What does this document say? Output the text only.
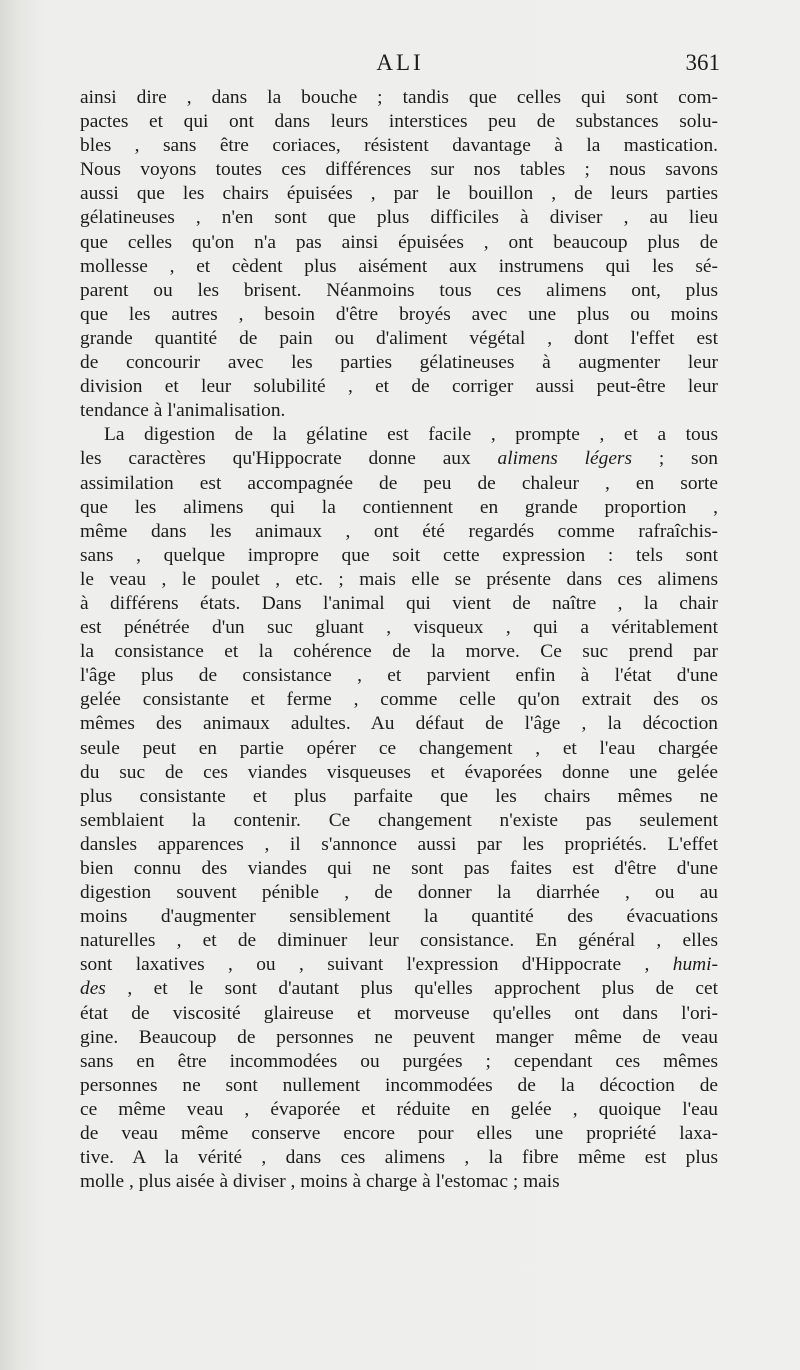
ALI	361
ainsi dire , dans la bouche ; tandis que celles qui sont com-
pactes et qui ont dans leurs interstices peu de substances solu-
bles , sans être coriaces, résistent davantage à la mastication.
Nous voyons toutes ces différences sur nos tables ; nous savons
aussi que les chairs épuisées , par le bouillon , de leurs parties
gélatineuses , n'en sont que plus difficiles à diviser , au lieu
que celles qu'on n'a pas ainsi épuisées , ont beaucoup plus de
mollesse , et cèdent plus aisément aux instrumens qui les sé-
parent ou les brisent. Néanmoins tous ces alimens ont, plus
que les autres , besoin d'être broyés avec une plus ou moins
grande quantité de pain ou d'aliment végétal , dont l'effet est
de concourir avec les parties gélatineuses à augmenter leur
division et leur solubilité , et de corriger aussi peut-être leur
tendance à l'animalisation.
La digestion de la gélatine est facile , prompte , et a tous
les caractères qu'Hippocrate donne aux alimens légers ; son
assimilation est accompagnée de peu de chaleur , en sorte
que les alimens qui la contiennent en grande proportion ,
même dans les animaux , ont été regardés comme rafraîchis-
sans , quelque impropre que soit cette expression : tels sont
le veau , le poulet , etc. ; mais elle se présente dans ces alimens
à différens états. Dans l'animal qui vient de naître , la chair
est pénétrée d'un suc gluant , visqueux , qui a véritablement
la consistance et la cohérence de la morve. Ce suc prend par
l'âge plus de consistance , et parvient enfin à l'état d'une
gelée consistante et ferme , comme celle qu'on extrait des os
mêmes des animaux adultes. Au défaut de l'âge , la décoction
seule peut en partie opérer ce changement , et l'eau chargée
du suc de ces viandes visqueuses et évaporées donne une gelée
plus consistante et plus parfaite que les chairs mêmes ne
semblaient la contenir. Ce changement n'existe pas seulement
dansles apparences , il s'annonce aussi par les propriétés. L'effet
bien connu des viandes qui ne sont pas faites est d'être d'une
digestion souvent pénible , de donner la diarrhée , ou au
moins d'augmenter sensiblement la quantité des évacuations
naturelles , et de diminuer leur consistance. En général , elles
sont laxatives , ou , suivant l'expression d'Hippocrate , humi-
des , et le sont d'autant plus qu'elles approchent plus de cet
état de viscosité glaireuse et morveuse qu'elles ont dans l'ori-
gine. Beaucoup de personnes ne peuvent manger même de veau
sans en être incommodées ou purgées ; cependant ces mêmes
personnes ne sont nullement incommodées de la décoction de
ce même veau , évaporée et réduite en gelée , quoique l'eau
de veau même conserve encore pour elles une propriété laxa-
tive. A la vérité , dans ces alimens , la fibre même est plus
molle , plus aisée à diviser , moins à charge à l'estomac ; mais
